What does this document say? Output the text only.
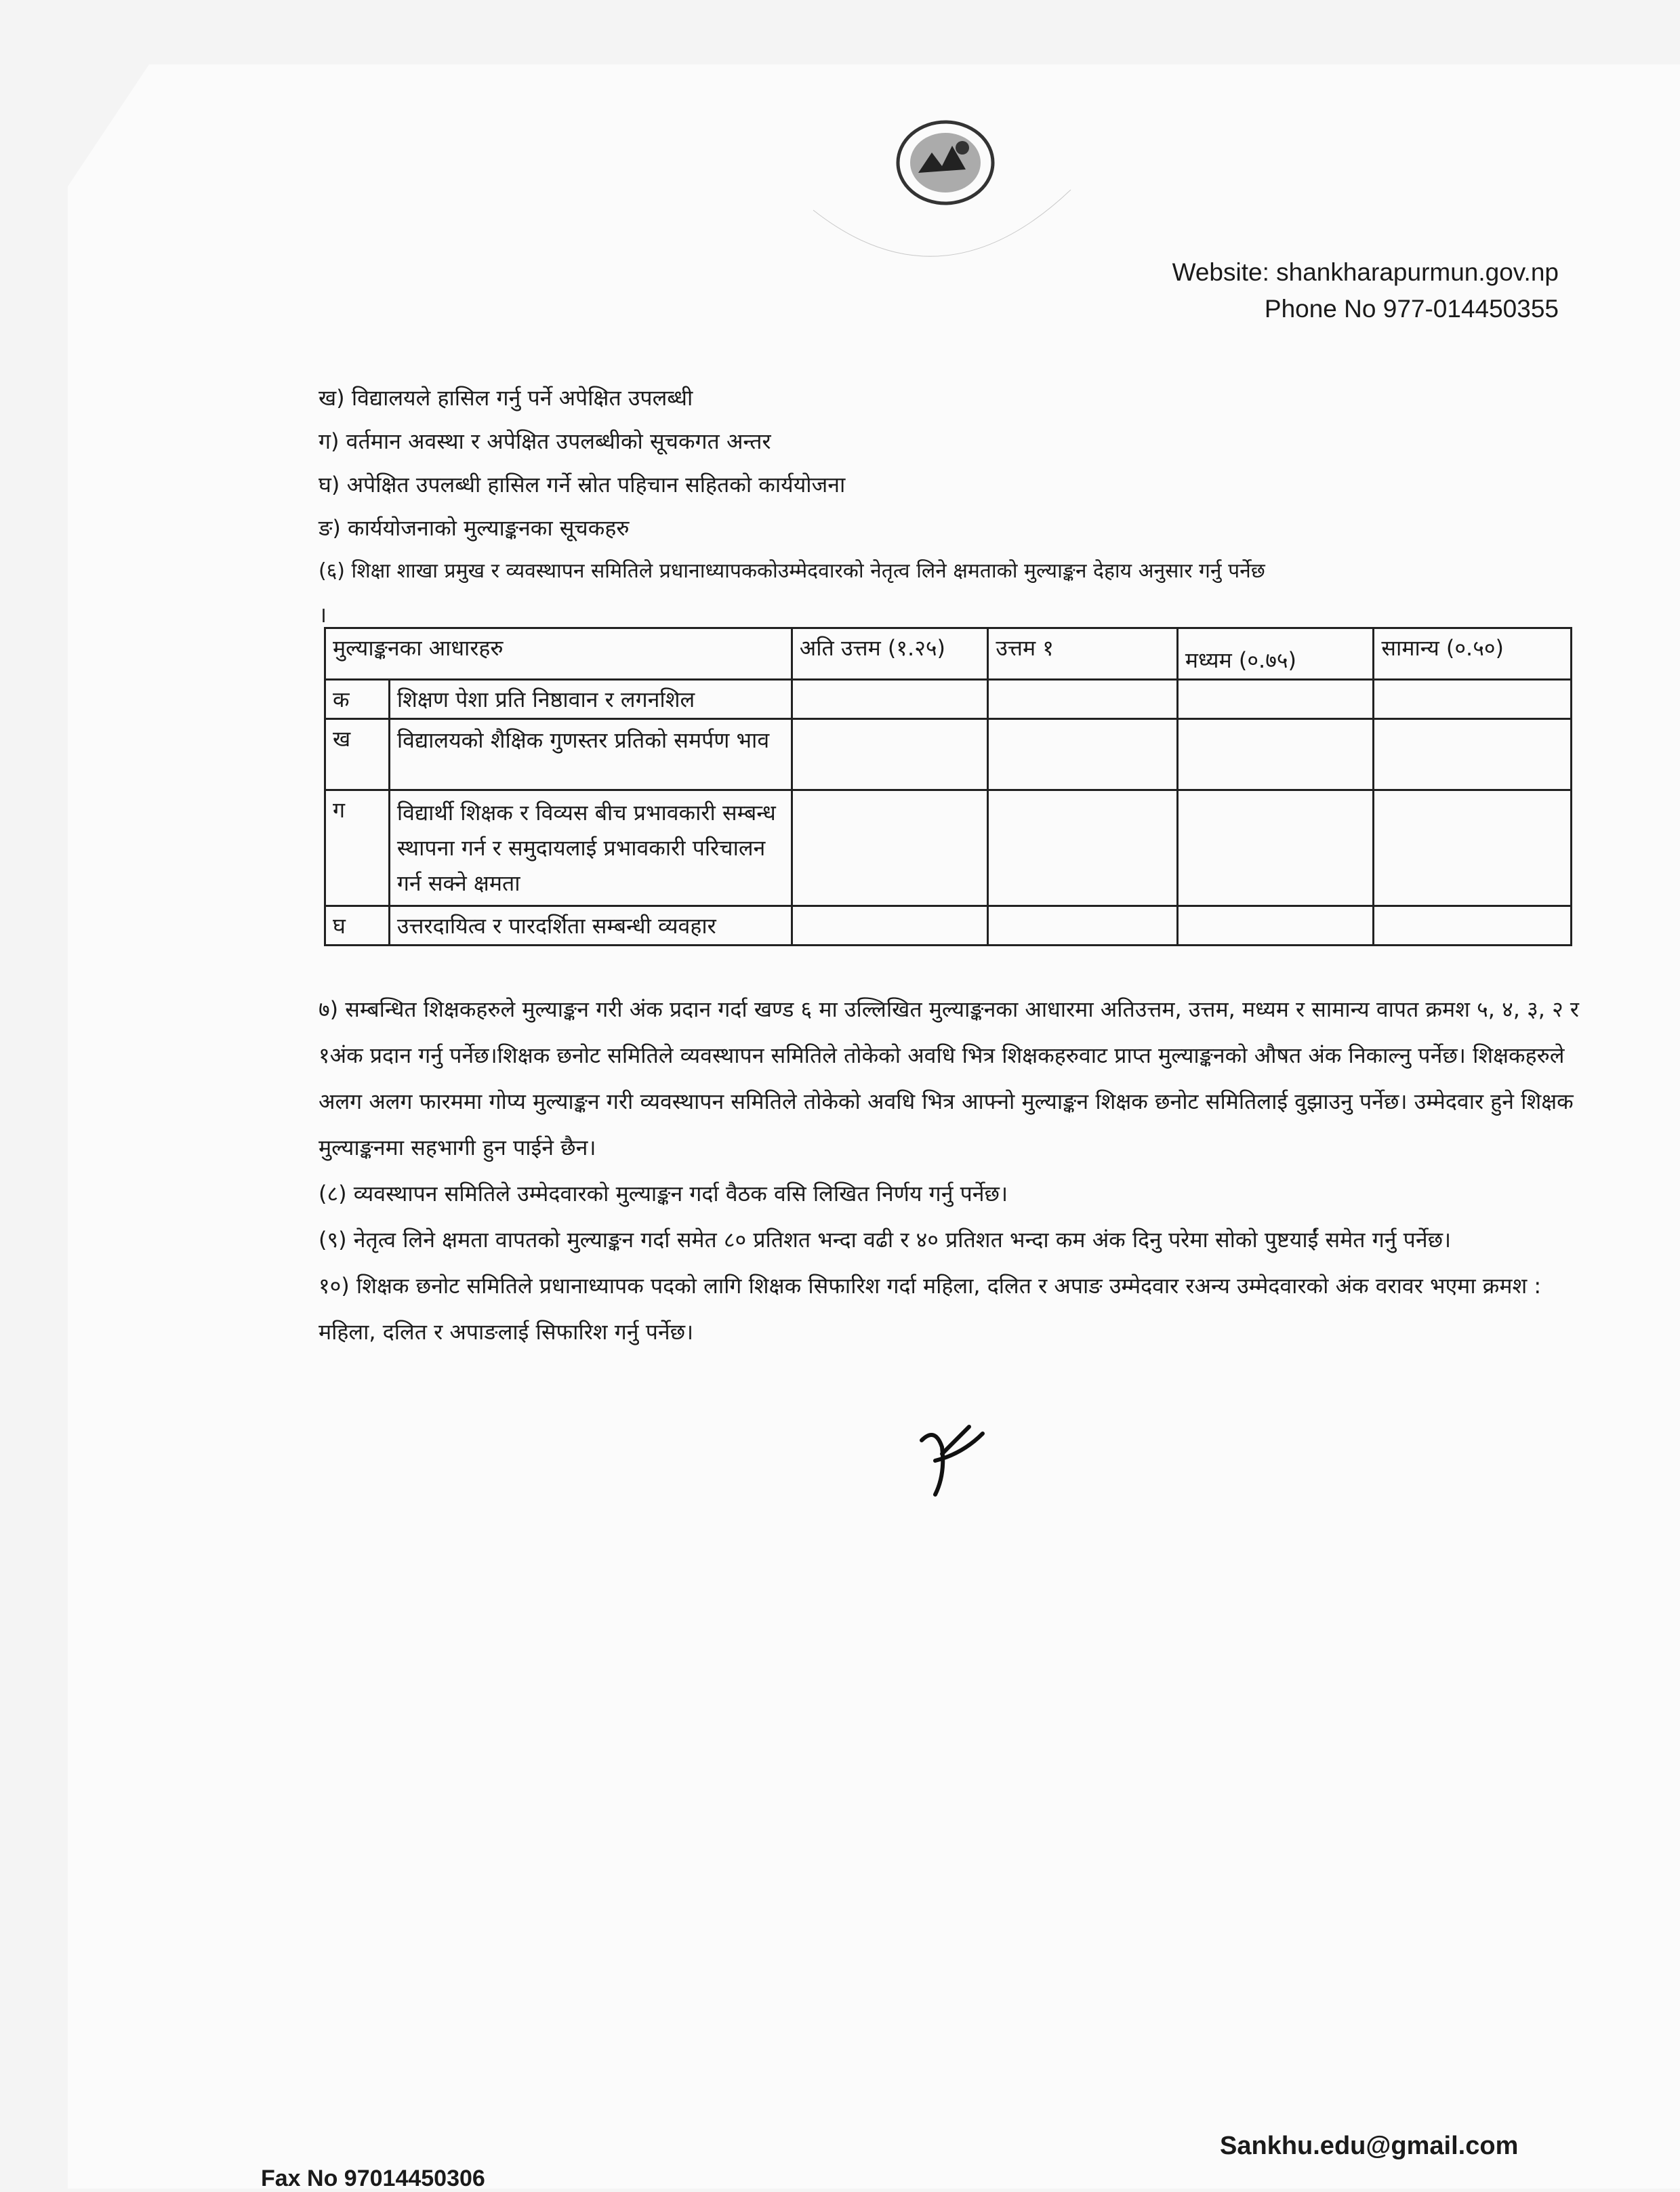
Website: shankharapurmun.gov.np
Phone No 977-014450355
ख) विद्यालयले हासिल गर्नु पर्ने अपेक्षित उपलब्धी
ग) वर्तमान अवस्था र अपेक्षित उपलब्धीको सूचकगत अन्तर
घ) अपेक्षित उपलब्धी हासिल गर्ने स्रोत पहिचान सहितको कार्ययोजना
ङ) कार्ययोजनाको मुल्याङ्कनका सूचकहरु
(६) शिक्षा शाखा प्रमुख र व्यवस्थापन समितिले प्रधानाध्यापककोउम्मेदवारको नेतृत्व लिने क्षमताको मुल्याङ्कन देहाय अनुसार गर्नु पर्नेछ
।
मुल्याङ्कनका आधारहरु		अति उत्तम (१.२५)	उत्तम १	मध्यम (०.७५)	सामान्य (०.५०)
क	शिक्षण पेशा प्रति निष्ठावान र लगनशिल				
ख	विद्यालयको शैक्षिक गुणस्तर प्रतिको समर्पण भाव				
ग	विद्यार्थी शिक्षक र विव्यस बीच प्रभावकारी सम्बन्ध स्थापना गर्न र समुदायलाई प्रभावकारी परिचालन गर्न सक्ने क्षमता				
घ	उत्तरदायित्व र पारदर्शिता सम्बन्धी व्यवहार				
७) सम्बन्धित शिक्षकहरुले मुल्याङ्कन गरी अंक प्रदान गर्दा खण्ड ६ मा उल्लिखित मुल्याङ्कनका आधारमा अतिउत्तम, उत्तम, मध्यम र सामान्य वापत क्रमश ५, ४, ३, २ र १अंक प्रदान गर्नु पर्नेछ।शिक्षक छनोट समितिले व्यवस्थापन समितिले तोकेको अवधि भित्र शिक्षकहरुवाट प्राप्त मुल्याङ्कनको औषत अंक निकाल्नु पर्नेछ। शिक्षकहरुले अलग अलग फारममा गोप्य मुल्याङ्कन गरी व्यवस्थापन समितिले तोकेको अवधि भित्र आफ्नो मुल्याङ्कन शिक्षक छनोट समितिलाई वुझाउनु पर्नेछ। उम्मेदवार हुने शिक्षक मुल्याङ्कनमा सहभागी हुन पाईने छैन।
(८) व्यवस्थापन समितिले उम्मेदवारको मुल्याङ्कन गर्दा वैठक वसि लिखित निर्णय गर्नु पर्नेछ।
(९) नेतृत्व लिने क्षमता वापतको मुल्याङ्कन गर्दा समेत ८० प्रतिशत भन्दा वढी र ४० प्रतिशत भन्दा कम अंक दिनु परेमा सोको पुष्टयाईं समेत गर्नु पर्नेछ।
१०) शिक्षक छनोट समितिले प्रधानाध्यापक पदको लागि शिक्षक सिफारिश गर्दा महिला, दलित र अपाङ उम्मेदवार रअन्य उम्मेदवारको अंक वरावर भएमा क्रमश : महिला, दलित र अपाङलाई सिफारिश गर्नु पर्नेछ।
Sankhu.edu@gmail.com
Fax No 97014450306
